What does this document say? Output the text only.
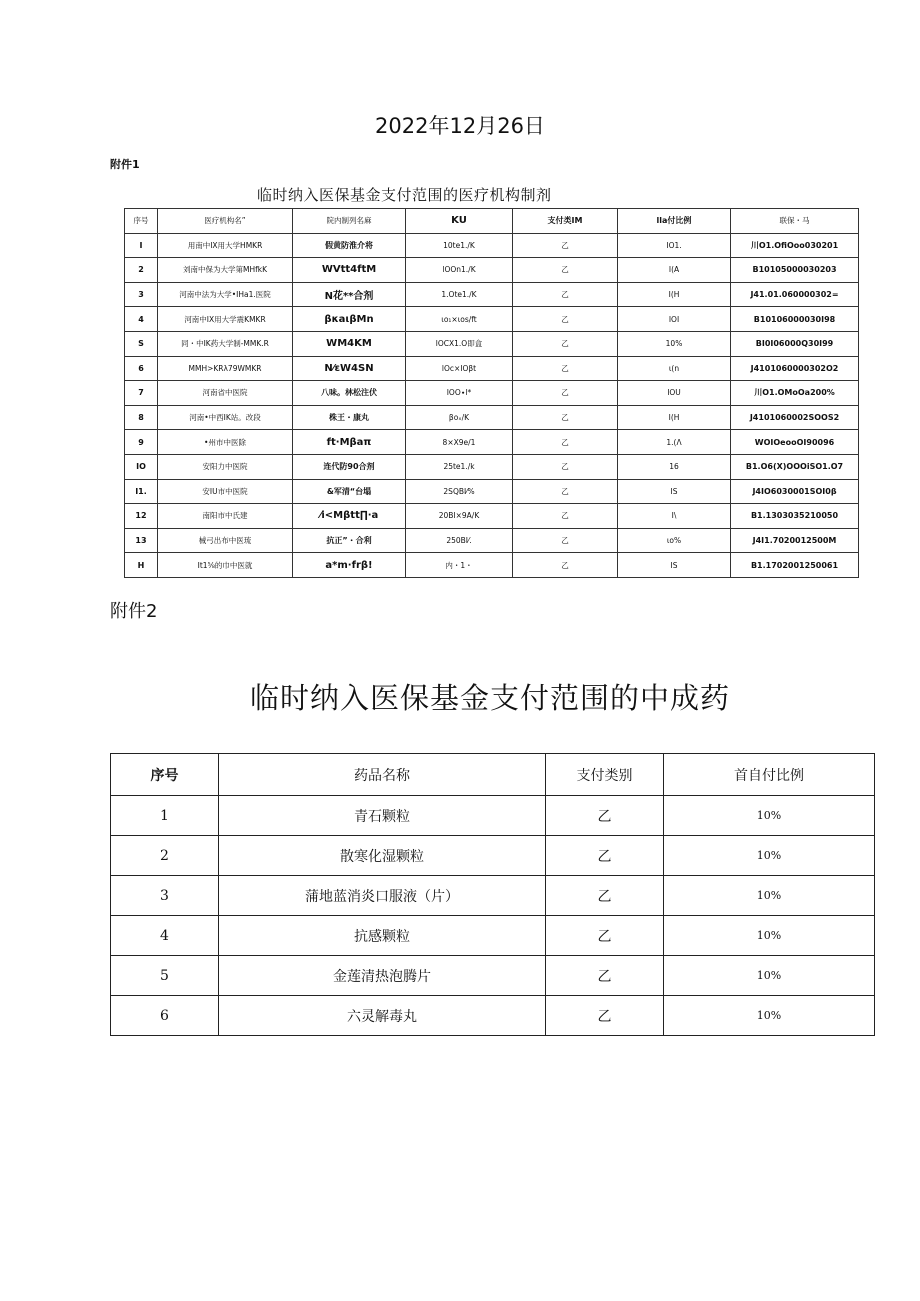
2022年12月26日
附件1
临时纳入医保基金支付范围的医疗机构制剂
序号	医疗机构名”	院内制列名麻	KU	支付类IM	lla付比例	联保・马
I	用南中IX用大学HMKR	假黄防淮介将	10te1./K	乙	IO1.	川O1.OfiOoo030201
2	刘南中保为大学第MHfkK	WVtt4ftM	lOOn1./K	乙	I(A	B10105000030203
3	河南中法为大学•IHa1.医院	N花**合剂	1.Ote1./K	乙	I(H	J41.01.060000302=
4	河南中IX用大学震KMKR	βκaιβMn	ιo₁×ιos/ft	乙	IOI	B10106000030I98
S	同・中IK药大学制-MMK.R	WM4KM	lOCX1.O即盒	乙	10%	BI0I06000Q30I99
6	MMH>KRλ79WMKR	N⁄εW4SN	lOc×IOβt	乙	ι(n	J4101060000302O2
7	河南省中医院	八味。林松注伏	IOO∙l*	乙	IOU	川O1.OMoOa200%
8	河南•中西IK站。改段	株王・康丸	βoₓ/K	乙	I(H	J4101060002SOOS2
9	•州市中医除	ft∙Mβaπ	8×X9e/1	乙	1.(Λ	WOIOeooOI90096
IO	安阳力中医院	连代防90合剂	25te1./k	乙	16	B1.O6(X)OOOiSO1.O7
I1.	安IU市中医院	&军清“台塌	2SQBI⁄%	乙	IS	J4IO6030001SOI0β
12	南阳市中氏建	⁄i<Mβtt∏∙a	20BI×9A/K	乙	I\	B1.1303035210050
13	械弓出布中医琉	抗正”・合利	250BI⁄.	乙	ιo%	J4I1.7020012500M
H	It1⅝的巾中医就	a*m∙frβ!	内・1・	乙	IS	B1.1702001250061
附件2
临时纳入医保基金支付范围的中成药
序号	药品名称	支付类别	首自付比例
1	青石颗粒	乙	10%
2	散寒化湿颗粒	乙	10%
3	蒲地蓝消炎口服液（片）	乙	10%
4	抗感颗粒	乙	10%
5	金莲清热泡腾片	乙	10%
6	六灵解毒丸	乙	10%
